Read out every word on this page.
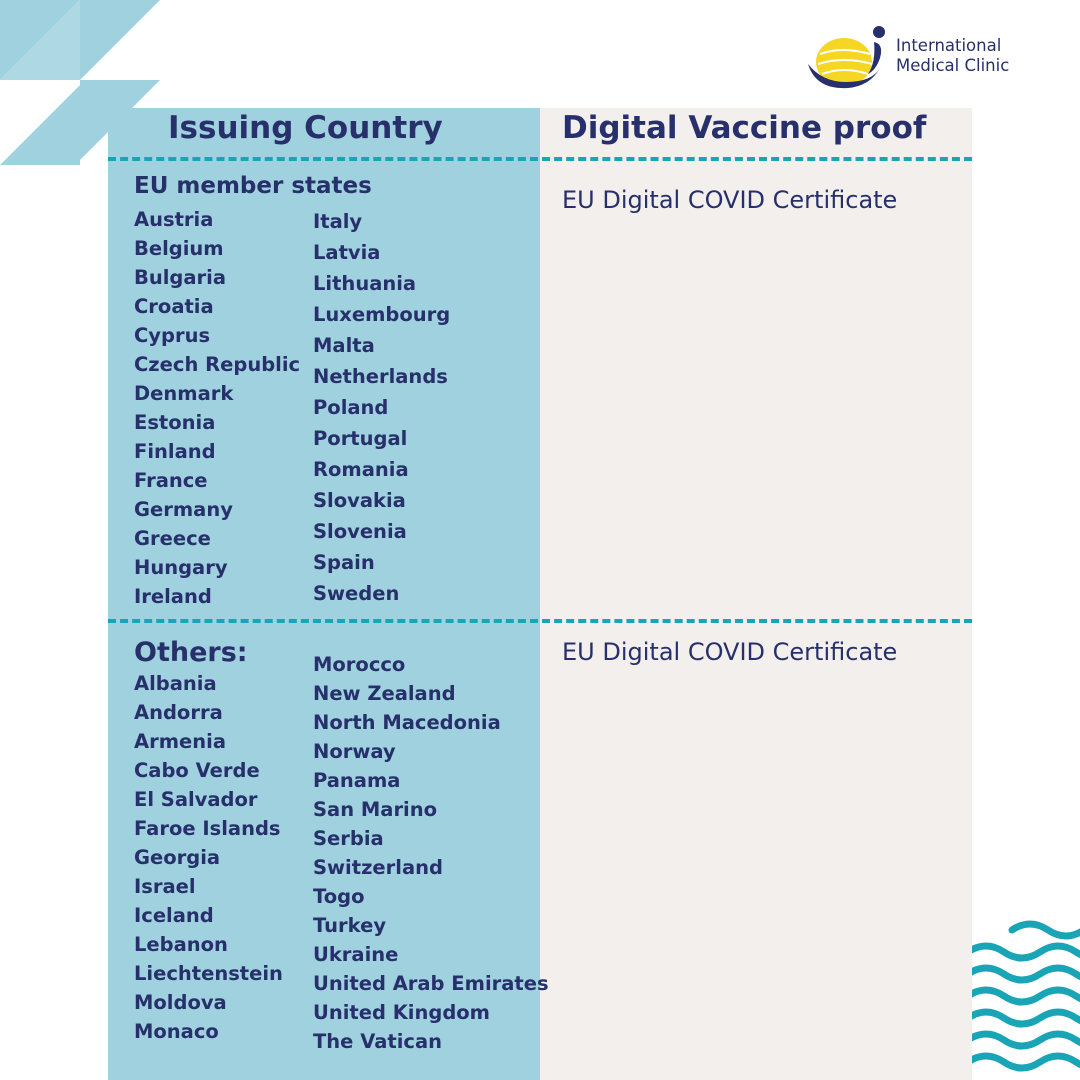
International
Medical Clinic
Issuing Country	Digital Vaccine proof
EU member states
Austria
Belgium
Bulgaria
Croatia
Cyprus
Czech Republic
Denmark
Estonia
Finland
France
Germany
Greece
Hungary
Ireland
Italy
Latvia
Lithuania
Luxembourg
Malta
Netherlands
Poland
Portugal
Romania
Slovakia
Slovenia
Spain
Sweden
EU Digital COVID Certificate
Others:
Albania
Andorra
Armenia
Cabo Verde
El Salvador
Faroe Islands
Georgia
Israel
Iceland
Lebanon
Liechtenstein
Moldova
Monaco
Morocco
New Zealand
North Macedonia
Norway
Panama
San Marino
Serbia
Switzerland
Togo
Turkey
Ukraine
United Arab Emirates
United Kingdom
The Vatican
EU Digital COVID Certificate
